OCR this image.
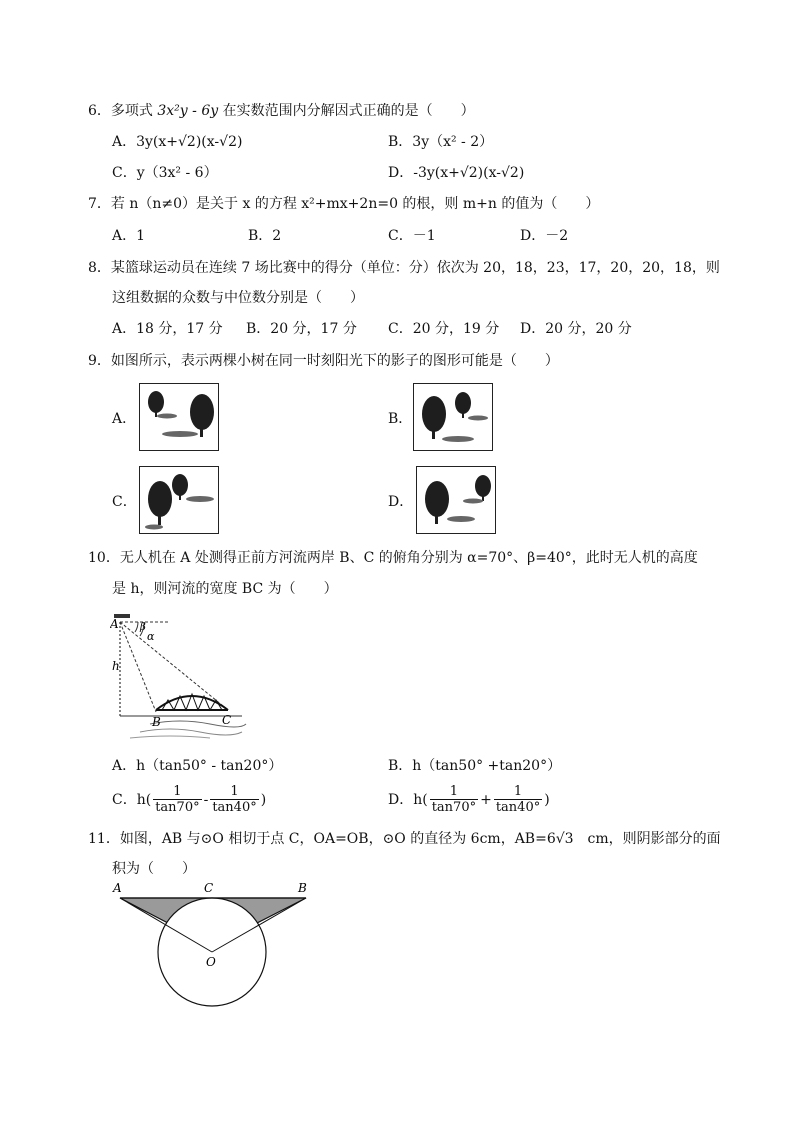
6．多项式 3x²y - 6y 在实数范围内分解因式正确的是（　　）
A．3y(x+√2)(x-√2)	B．3y（x² - 2）
C．y（3x² - 6）	D．-3y(x+√2)(x-√2)
7．若 n（n≠0）是关于 x 的方程 x²+mx+2n=0 的根，则 m+n 的值为（　　）
A．1	B．2	C．－1	D．－2
8．某篮球运动员在连续 7 场比赛中的得分（单位：分）依次为 20，18，23，17，20，20，18，则
这组数据的众数与中位数分别是（　　）
A．18 分，17 分 B．20 分，17 分 C．20 分，19 分 D．20 分，20 分
9．如图所示，表示两棵小树在同一时刻阳光下的影子的图形可能是（　　）
A．	B．
C．	D．
10．无人机在 A 处测得正前方河流两岸 B、C 的俯角分别为 α=70°、β=40°，此时无人机的高度
是 h，则河流的宽度 BC 为（　　）
A
h
β
α
B	C
A．h（tan50° - tan20°）	B．h（tan50° +tan20°）
C．$h( \frac{1}{\tan 70^\circ} - \frac{1}{\tan 40^\circ}$ )	D．$h( \frac{1}{\tan 70^\circ} + \frac{1}{\tan 40^\circ}$ )
11．如图，AB 与⊙O 相切于点 C，OA=OB，⊙O 的直径为 6cm，AB=6√3　cm，则阴影部分的面
积为（　　）
A	C	B
O
